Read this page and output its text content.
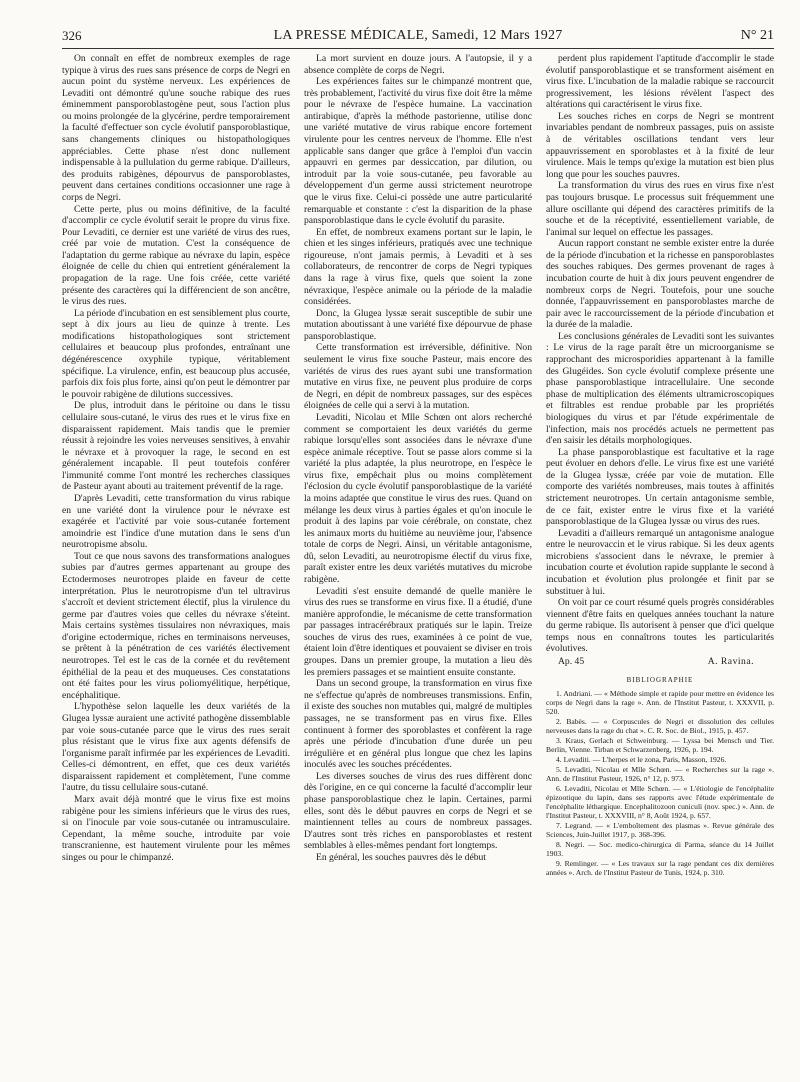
326	LA PRESSE MÉDICALE, Samedi, 12 Mars 1927	N° 21

On connaît en effet de nombreux exemples de rage typique à virus des rues sans présence de corps de Negri en aucun point du système nerveux. Les expériences de Levaditi ont démontré qu'une souche rabique des rues éminemment pansporoblastogène peut, sous l'action plus ou moins prolongée de la glycérine, perdre temporairement la faculté d'effectuer son cycle évolutif pansporoblastique, sans changements cliniques ou histopathologiques appréciables. Cette phase n'est donc nullement indispensable à la pullulation du germe rabique. D'ailleurs, des produits rabigènes, dépourvus de pansporoblastes, peuvent dans certaines conditions occasionner une rage à corps de Negri.

Cette perte, plus ou moins définitive, de la faculté d'accomplir ce cycle évolutif serait le propre du virus fixe. Pour Levaditi, ce dernier est une variété de virus des rues, créé par voie de mutation. C'est la conséquence de l'adaptation du germe rabique au névraxe du lapin, espèce éloignée de celle du chien qui entretient généralement la propagation de la rage. Une fois créée, cette variété présente des caractères qui la différencient de son ancêtre, le virus des rues.

La période d'incubation en est sensiblement plus courte, sept à dix jours au lieu de quinze à trente. Les modifications histopathologiques sont strictement cellulaires et beaucoup plus profondes, entraînant une dégénérescence oxyphile typique, véritablement spécifique. La virulence, enfin, est beaucoup plus accusée, parfois dix fois plus forte, ainsi qu'on peut le démontrer par le pouvoir rabigène de dilutions successives.

De plus, introduit dans le péritoine ou dans le tissu cellulaire sous-cutané, le virus des rues et le virus fixe en disparaissent rapidement. Mais tandis que le premier réussit à rejoindre les voies nerveuses sensitives, à envahir le névraxe et à provoquer la rage, le second en est généralement incapable. Il peut toutefois conférer l'immunité comme l'ont montré les recherches classiques de Pasteur ayant abouti au traitement préventif de la rage.

D'après Levaditi, cette transformation du virus rabique en une variété dont la virulence pour le névraxe est exagérée et l'activité par voie sous-cutanée fortement amoindrie est l'indice d'une mutation dans le sens d'un neurotropisme absolu.

Tout ce que nous savons des transformations analogues subies par d'autres germes appartenant au groupe des Ectodermoses neurotropes plaide en faveur de cette interprétation. Plus le neurotropisme d'un tel ultravirus s'accroît et devient strictement électif, plus la virulence du germe par d'autres voies que celles du névraxe s'éteint. Mais certains systèmes tissulaires non névraxiques, mais d'origine ectodermique, riches en terminaisons nerveuses, se prêtent à la pénétration de ces variétés électivement neurotropes. Tel est le cas de la cornée et du revêtement épithélial de la peau et des muqueuses. Ces constatations ont été faites pour les virus poliomyélitique, herpétique, encéphalitique.

L'hypothèse selon laquelle les deux variétés de la Glugea lyssæ auraient une activité pathogène dissemblable par voie sous-cutanée parce que le virus des rues serait plus résistant que le virus fixe aux agents défensifs de l'organisme paraît infirmée par les expériences de Levaditi. Celles-ci démontrent, en effet, que ces deux variétés disparaissent rapidement et complètement, l'une comme l'autre, du tissu cellulaire sous-cutané.

Marx avait déjà montré que le virus fixe est moins rabigène pour les simiens inférieurs que le virus des rues, si on l'inocule par voie sous-cutanée ou intramusculaire. Cependant, la même souche, introduite par voie transcranienne, est hautement virulente pour les mêmes singes ou pour le chimpanzé.

La mort survient en douze jours. A l'autopsie, il y a absence complète de corps de Negri.

Les expériences faites sur le chimpanzé montrent que, très probablement, l'activité du virus fixe doit être la même pour le névraxe de l'espèce humaine. La vaccination antirabique, d'après la méthode pastorienne, utilise donc une variété mutative de virus rabique encore fortement virulente pour les centres nerveux de l'homme. Elle n'est applicable sans danger que grâce à l'emploi d'un vaccin appauvri en germes par dessiccation, par dilution, ou introduit par la voie sous-cutanée, peu favorable au développement d'un germe aussi strictement neurotrope que le virus fixe. Celui-ci possède une autre particularité remarquable et constante : c'est la disparition de la phase pansporoblastique dans le cycle évolutif du parasite.

En effet, de nombreux examens portant sur le lapin, le chien et les singes inférieurs, pratiqués avec une technique rigoureuse, n'ont jamais permis, à Levaditi et à ses collaborateurs, de rencontrer de corps de Negri typiques dans la rage à virus fixe, quels que soient la zone névraxique, l'espèce animale ou la période de la maladie considérées.

Donc, la Glugea lyssæ serait susceptible de subir une mutation aboutissant à une variété fixe dépourvue de phase pansporoblastique.

Cette transformation est irréversible, définitive. Non seulement le virus fixe souche Pasteur, mais encore des variétés de virus des rues ayant subi une transformation mutative en virus fixe, ne peuvent plus produire de corps de Negri, en dépit de nombreux passages, sur des espèces éloignées de celle qui a servi à la mutation.

Levaditi, Nicolau et Mlle Schœn ont alors recherché comment se comportaient les deux variétés du germe rabique lorsqu'elles sont associées dans le névraxe d'une espèce animale réceptive. Tout se passe alors comme si la variété la plus adaptée, la plus neurotrope, en l'espèce le virus fixe, empêchait plus ou moins complètement l'éclosion du cycle évolutif pansporoblastique de la variété la moins adaptée que constitue le virus des rues. Quand on mélange les deux virus à parties égales et qu'on inocule le produit à des lapins par voie cérébrale, on constate, chez les animaux morts du huitième au neuvième jour, l'absence totale de corps de Negri. Ainsi, un véritable antagonisme, dû, selon Levaditi, au neurotropisme électif du virus fixe, paraît exister entre les deux variétés mutatives du microbe rabigène.

Levaditi s'est ensuite demandé de quelle manière le virus des rues se transforme en virus fixe. Il a étudié, d'une manière approfondie, le mécanisme de cette transformation par passages intracérébraux pratiqués sur le lapin. Treize souches de virus des rues, examinées à ce point de vue, étaient loin d'être identiques et pouvaient se diviser en trois groupes. Dans un premier groupe, la mutation a lieu dès les premiers passages et se maintient ensuite constante.

Dans un second groupe, la transformation en virus fixe ne s'effectue qu'après de nombreuses transmissions. Enfin, il existe des souches non mutables qui, malgré de multiples passages, ne se transforment pas en virus fixe. Elles continuent à former des sporoblastes et confèrent la rage après une période d'incubation d'une durée un peu irrégulière et en général plus longue que chez les lapins inoculés avec les souches précédentes.

Les diverses souches de virus des rues diffèrent donc dès l'origine, en ce qui concerne la faculté d'accomplir leur phase pansporoblastique chez le lapin. Certaines, parmi elles, sont dès le début pauvres en corps de Negri et se maintiennent telles au cours de nombreux passages. D'autres sont très riches en pansporoblastes et restent semblables à elles-mêmes pendant fort longtemps.

En général, les souches pauvres dès le début

perdent plus rapidement l'aptitude d'accomplir le stade évolutif pansporoblastique et se transforment aisément en virus fixe. L'incubation de la maladie rabique se raccourcit progressivement, les lésions révèlent l'aspect des altérations qui caractérisent le virus fixe.

Les souches riches en corps de Negri se montrent invariables pendant de nombreux passages, puis on assiste à de véritables oscillations tendant vers leur appauvrissement en sporoblastes et à la fixité de leur virulence. Mais le temps qu'exige la mutation est bien plus long que pour les souches pauvres.

La transformation du virus des rues en virus fixe n'est pas toujours brusque. Le processus suit fréquemment une allure oscillante qui dépend des caractères primitifs de la souche et de la réceptivité, essentiellement variable, de l'animal sur lequel on effectue les passages.

Aucun rapport constant ne semble exister entre la durée de la période d'incubation et la richesse en pansporoblastes des souches rabiques. Des germes provenant de rages à incubation courte de huit à dix jours peuvent engendrer de nombreux corps de Negri. Toutefois, pour une souche donnée, l'appauvrissement en pansporoblastes marche de pair avec le raccourcissement de la période d'incubation et la durée de la maladie.

Les conclusions générales de Levaditi sont les suivantes : Le virus de la rage paraît être un microorganisme se rapprochant des microsporidies appartenant à la famille des Glugéides. Son cycle évolutif complexe présente une phase pansporoblastique intracellulaire. Une seconde phase de multiplication des éléments ultramicroscopiques et filtrables est rendue probable par les propriétés biologiques du virus et par l'étude expérimentale de l'infection, mais nos procédés actuels ne permettent pas d'en saisir les détails morphologiques.

La phase pansporoblastique est facultative et la rage peut évoluer en dehors d'elle. Le virus fixe est une variété de la Glugea lyssæ, créée par voie de mutation. Elle comporte des variétés nombreuses, mais toutes à affinités strictement neurotropes. Un certain antagonisme semble, de ce fait, exister entre le virus fixe et la variété pansporoblastique de la Glugea lyssæ ou virus des rues.

Levaditi a d'ailleurs remarqué un antagonisme analogue entre le neurovaccin et le virus rabique. Si les deux agents microbiens s'associent dans le névraxe, le premier à incubation courte et évolution rapide supplante le second à incubation et évolution plus prolongée et finit par se substituer à lui.

On voit par ce court résumé quels progrès considérables viennent d'être faits en quelques années touchant la nature du germe rabique. Ils autorisent à penser que d'ici quelque temps nous en connaîtrons toutes les particularités évolutives.

Ap. 45	A. Ravina.
BIBLIOGRAPHIE

1. Andriani. — « Méthode simple et rapide pour mettre en évidence les corps de Negri dans la rage ». Ann. de l'Institut Pasteur, t. XXXVII, p. 520.

2. Babès. — « Corpuscules de Negri et dissolution des cellules nerveuses dans la rage du chat ». C. R. Soc. de Biol., 1915, p. 457.

3. Kraus, Gerlach et Schweinburg. — Lyssa bei Mensch und Tier. Berlin, Vienne. Tirban et Schwarzenberg, 1926, p. 194.

4. Levaditi. — L'herpes et le zona, Paris, Masson, 1926.

5. Levaditi, Nicolau et Mlle Schœn. — « Recherches sur la rage ». Ann. de l'Institut Pasteur, 1926, n° 12, p. 973.

6. Levaditi, Nicolau et Mlle Schœn. — « L'étiologie de l'encéphalite épizootique du lapin, dans ses rapports avec l'étude expérimentale de l'encéphalite léthargique. Encephalitozoon cuniculi (nov. spec.) ». Ann. de l'Institut Pasteur, t. XXXVIII, n° 8, Août 1924, p. 657.

7. Legrand. — « L'emboîtement des plasmas ». Revue générale des Sciences, Juin-Juillet 1917, p. 368-396.

8. Negri. — Soc. medico-chirurgica di Parma, séance du 14 Juillet 1903.

9. Remlinger. — « Les travaux sur la rage pendant ces dix dernières années ». Arch. de l'Institut Pasteur de Tunis, 1924, p. 310.
